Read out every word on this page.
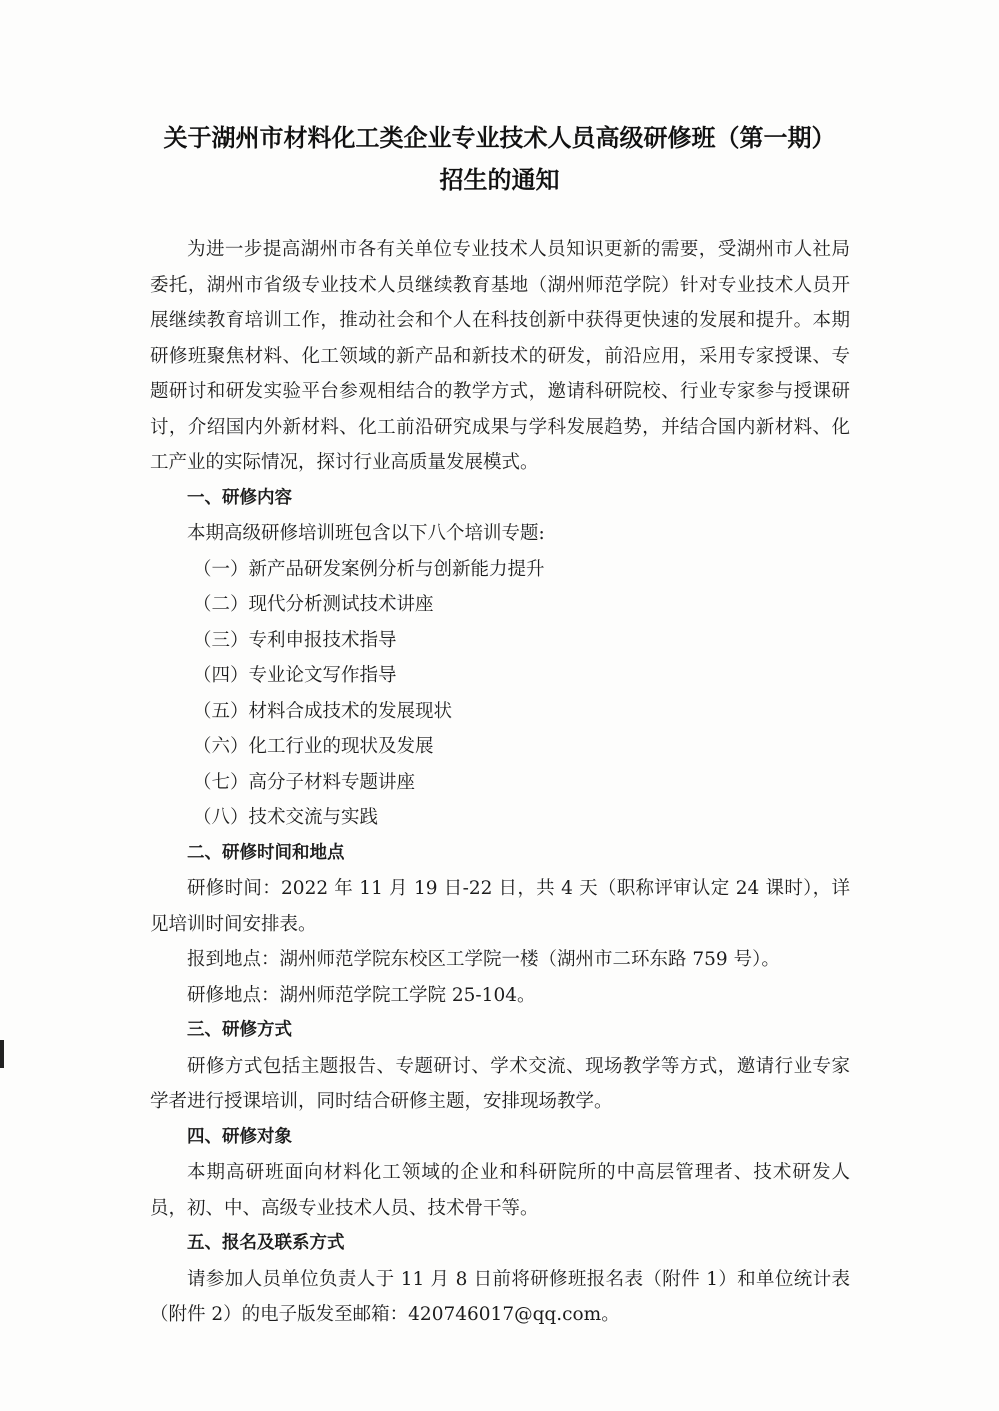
关于湖州市材料化工类企业专业技术人员高级研修班（第一期）
招生的通知

为进一步提高湖州市各有关单位专业技术人员知识更新的需要，受湖州市人社局委托，湖州市省级专业技术人员继续教育基地（湖州师范学院）针对专业技术人员开展继续教育培训工作，推动社会和个人在科技创新中获得更快速的发展和提升。本期研修班聚焦材料、化工领域的新产品和新技术的研发，前沿应用，采用专家授课、专题研讨和研发实验平台参观相结合的教学方式，邀请科研院校、行业专家参与授课研讨，介绍国内外新材料、化工前沿研究成果与学科发展趋势，并结合国内新材料、化工产业的实际情况，探讨行业高质量发展模式。

一、研修内容

本期高级研修培训班包含以下八个培训专题:

（一）新产品研发案例分析与创新能力提升

（二）现代分析测试技术讲座

（三）专利申报技术指导

（四）专业论文写作指导

（五）材料合成技术的发展现状

（六）化工行业的现状及发展

（七）高分子材料专题讲座

（八）技术交流与实践

二、研修时间和地点

研修时间：2022 年 11 月 19 日-22 日，共 4 天（职称评审认定 24 课时），详见培训时间安排表。

报到地点：湖州师范学院东校区工学院一楼（湖州市二环东路 759 号）。

研修地点：湖州师范学院工学院 25-104。

三、研修方式

研修方式包括主题报告、专题研讨、学术交流、现场教学等方式，邀请行业专家学者进行授课培训，同时结合研修主题，安排现场教学。

四、研修对象

本期高研班面向材料化工领域的企业和科研院所的中高层管理者、技术研发人员，初、中、高级专业技术人员、技术骨干等。

五、报名及联系方式

请参加人员单位负责人于 11 月 8 日前将研修班报名表（附件 1）和单位统计表（附件 2）的电子版发至邮箱：420746017@qq.com。
